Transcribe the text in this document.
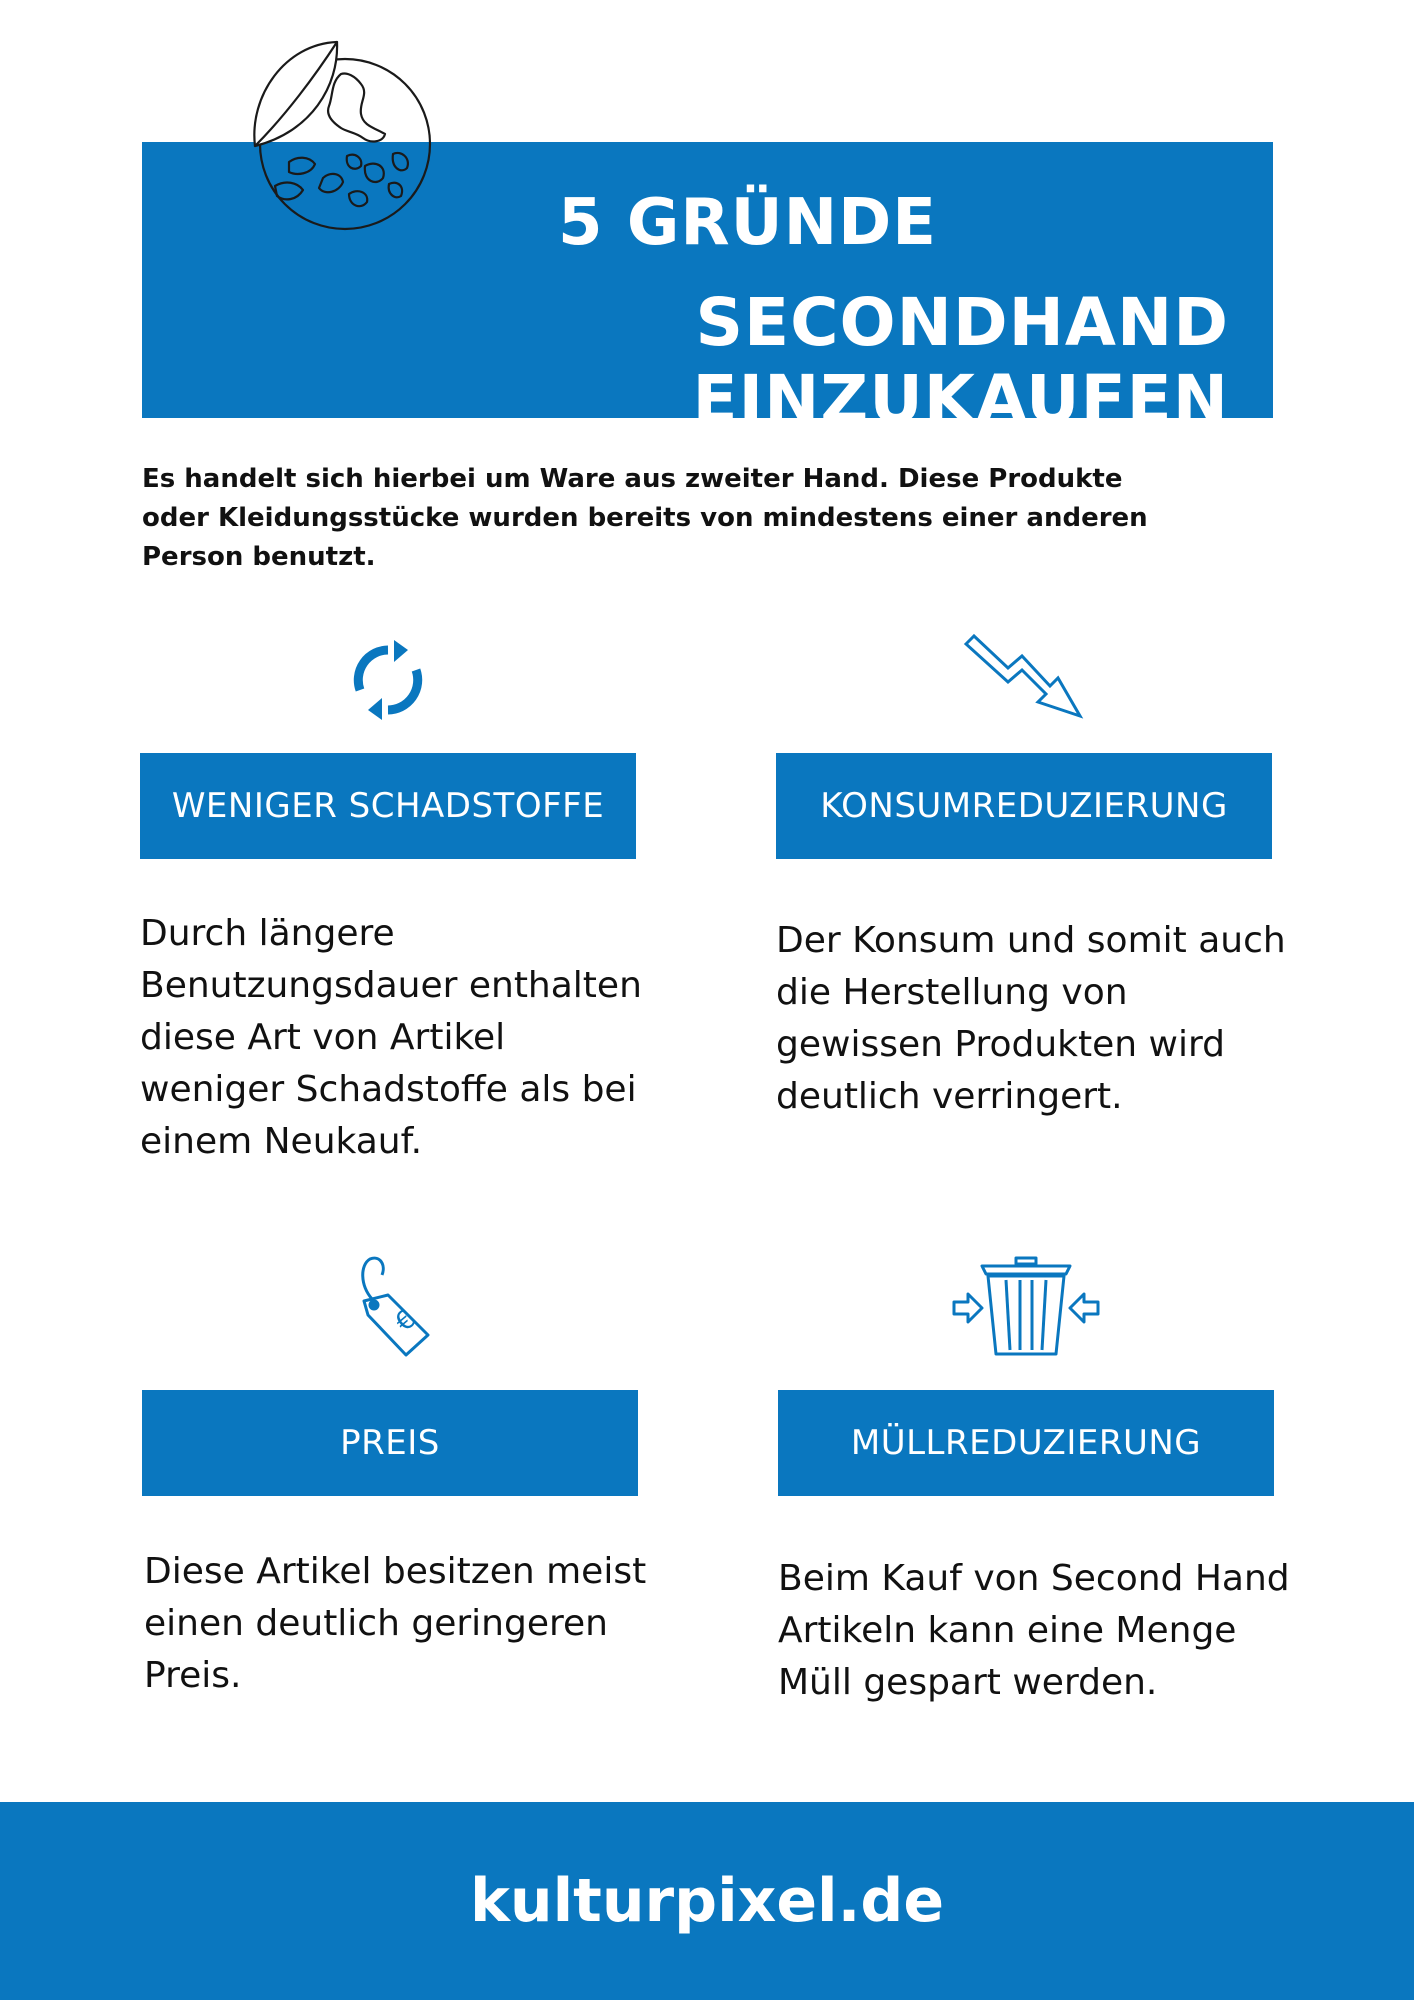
5 GRÜNDE
SECONDHAND EINZUKAUFEN
Es handelt sich hierbei um Ware aus zweiter Hand. Diese Produkte oder Kleidungsstücke wurden bereits von mindestens einer anderen Person benutzt.
WENIGER SCHADSTOFFE
Durch längere Benutzungsdauer enthalten diese Art von Artikel weniger Schadstoffe als bei einem Neukauf.
KONSUMREDUZIERUNG
Der Konsum und somit auch die Herstellung von gewissen Produkten wird deutlich verringert.
€
PREIS
Diese Artikel besitzen meist einen deutlich geringeren Preis.
MÜLLREDUZIERUNG
Beim Kauf von Second Hand Artikeln kann eine Menge Müll gespart werden.
kulturpixel.de
